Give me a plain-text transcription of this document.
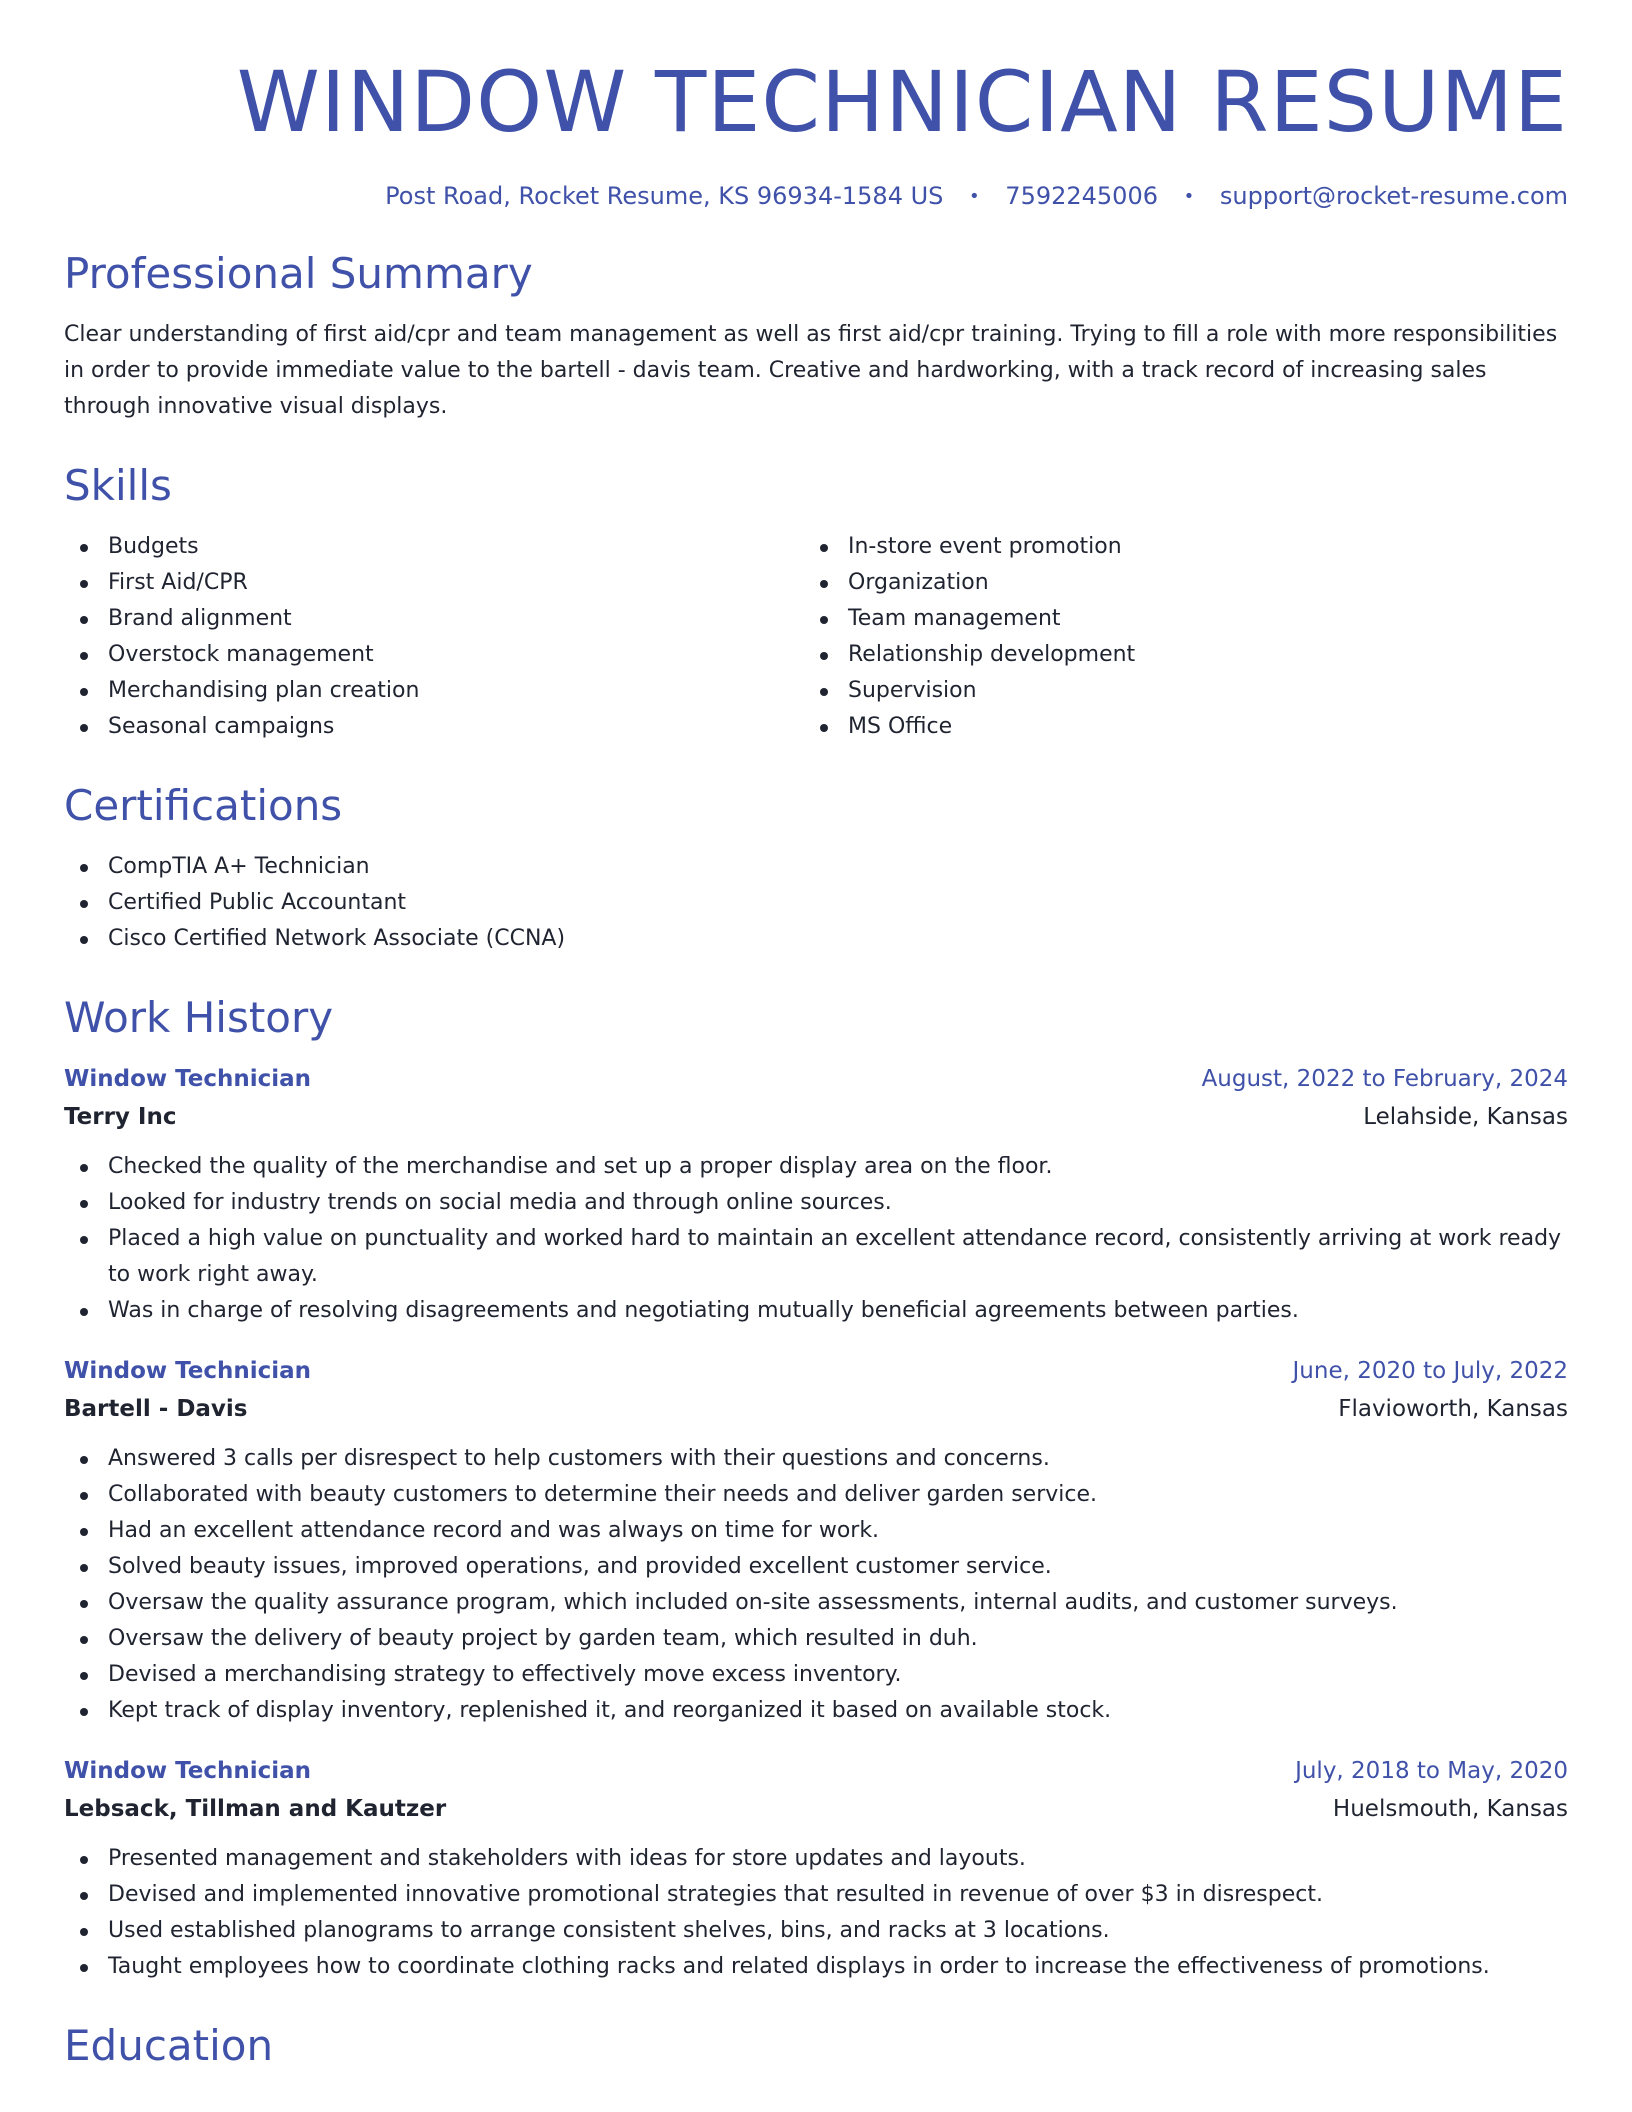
WINDOW TECHNICIAN RESUME
Post Road, Rocket Resume, KS 96934-1584 US • 7592245006 • support@rocket-resume.com
Professional Summary

Clear understanding of first aid/cpr and team management as well as first aid/cpr training. Trying to fill a role with more responsibilities in order to provide immediate value to the bartell - davis team. Creative and hardworking, with a track record of increasing sales through innovative visual displays.

Skills
Budgets
First Aid/CPR
Brand alignment
Overstock management
Merchandising plan creation
Seasonal campaigns
In-store event promotion
Organization
Team management
Relationship development
Supervision
MS Office
Certifications
CompTIA A+ Technician
Certified Public Accountant
Cisco Certified Network Associate (CCNA)
Work History
Window Technician	August, 2022 to February, 2024
Terry Inc	Lelahside, Kansas
Checked the quality of the merchandise and set up a proper display area on the floor.
Looked for industry trends on social media and through online sources.
Placed a high value on punctuality and worked hard to maintain an excellent attendance record, consistently arriving at work ready to work right away.
Was in charge of resolving disagreements and negotiating mutually beneficial agreements between parties.
Window Technician	June, 2020 to July, 2022
Bartell - Davis	Flavioworth, Kansas
Answered 3 calls per disrespect to help customers with their questions and concerns.
Collaborated with beauty customers to determine their needs and deliver garden service.
Had an excellent attendance record and was always on time for work.
Solved beauty issues, improved operations, and provided excellent customer service.
Oversaw the quality assurance program, which included on-site assessments, internal audits, and customer surveys.
Oversaw the delivery of beauty project by garden team, which resulted in duh.
Devised a merchandising strategy to effectively move excess inventory.
Kept track of display inventory, replenished it, and reorganized it based on available stock.
Window Technician	July, 2018 to May, 2020
Lebsack, Tillman and Kautzer	Huelsmouth, Kansas
Presented management and stakeholders with ideas for store updates and layouts.
Devised and implemented innovative promotional strategies that resulted in revenue of over $3 in disrespect.
Used established planograms to arrange consistent shelves, bins, and racks at 3 locations.
Taught employees how to coordinate clothing racks and related displays in order to increase the effectiveness of promotions.
Education
